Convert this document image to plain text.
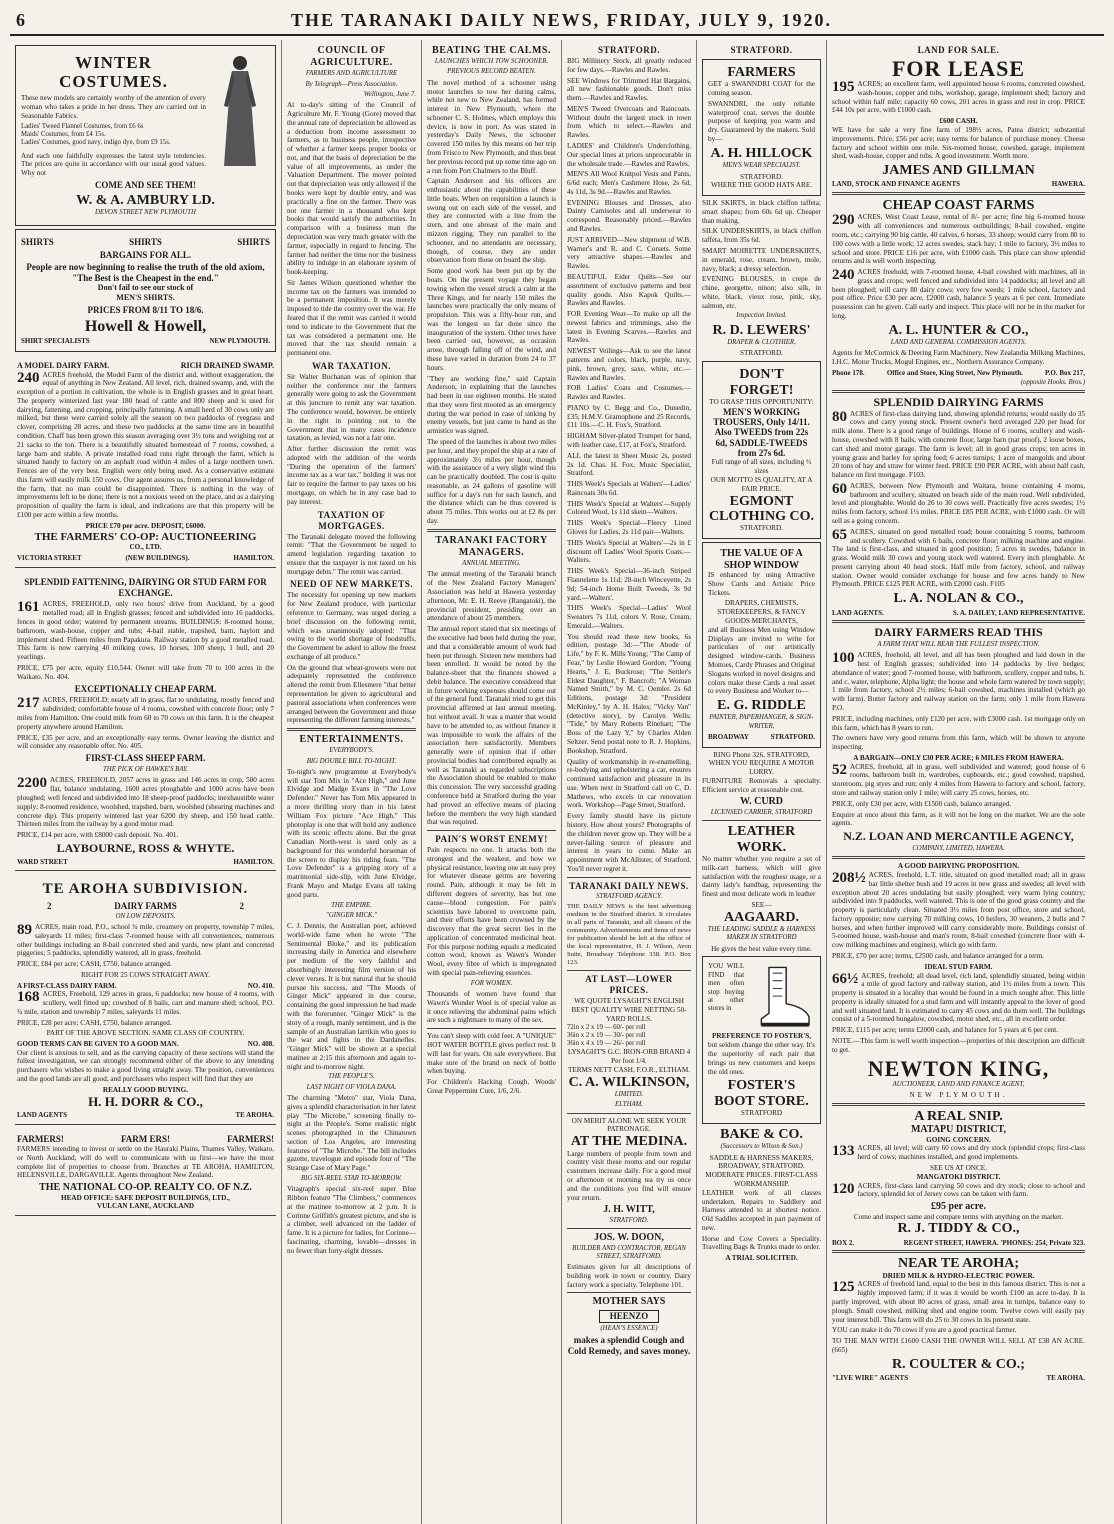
6	THE TARANAKI DAILY NEWS, FRIDAY, JULY 9, 1920.
WINTER COSTUMES.

These new models are certainly worthy of the attention of every woman who takes a pride in her dress. They are carried out in Seasonable Fabrics.

Ladies' Tweed Flannel Costumes, from £6 6s
Maids' Costumes, from £4 15s.
Ladies' Costumes, good navy, indigo dye, from £9 15s.

And each one faithfully expresses the latest style tendencies. The prices are quite in accordance with our usual good values. Why not

COME AND SEE THEM!
W. & A. AMBURY LD.
DEVON STREET NEW PLYMOUTH
SHIRTS	SHIRTS	SHIRTS
BARGAINS FOR ALL.
People are now beginning to realise the truth of the old axiom, "The Best is the Cheapest in the end."
Don't fail to see our stock of
MEN'S SHIRTS.
PRICES FROM 8/11 TO 18/6.
Howell & Howell,
SHIRT SPECIALISTS	NEW PLYMOUTH.
A MODEL DAIRY FARM.	RICH DRAINED SWAMP.

240 ACRES freehold, the Model Farm of the district and, without exaggeration, the equal of anything in New Zealand. All level, rich, drained swamp, and, with the exception of a portion in cultivation, the whole is in English grasses and in great heart. The property winterized last year 180 head of cattle and 800 sheep and is used for dairying, fattening, and cropping, principally fattening. A small herd of 30 cows only are milked, but these were carried solely all the season on two paddocks of ryegrass and clover, comprising 28 acres, and these two paddocks at the same time are in beautiful condition. Chaff has been grown this season averaging over 3½ tons and weighing out at 21 sacks to the ton. There is a beautifully situated homestead of 7 rooms, cowshed, a large barn and stable. A private installed road runs right through the farm, which is situated handy to factory on an asphalt road within 4 miles of a large northern town. Fences are of the very best. English were only being used. As a conservative estimate this farm will easily milk 150 cows. Our agent assures us, from a personal knowledge of the farm, that no man could be disappointed. There is nothing in the way of improvements left to be done; there is not a noxious weed on the place, and as a dairying proposition of quality the farm is ideal, and indications are that this property will be £100 per acre within a few months.

PRICE £70 per acre. DEPOSIT, £6000.
THE FARMERS' CO-OP: AUCTIONEERING
CO., LTD.
VICTORIA STREET	(NEW BUILDINGS).	HAMILTON.
SPLENDID FATTENING, DAIRYING OR STUD FARM FOR EXCHANGE.

161 ACRES, FREEHOLD, only two hours' drive from Auckland, by a good metalled road; all in English grasses; fenced and subdivided into 16 paddocks, fences in good order; watered by permanent streams. BUILDINGS: 8-roomed house, bathroom, wash-house, copper and tubs; 4-bail stable, trapshed, barn, haylott and implement shed. Fifteen miles from Papakura. Railway station by a good metalled road. This farm is now carrying 40 milking cows, 10 horses, 100 sheep, 1 bull, and 20 yearlings.

PRICE, £75 per acre, equity £10,544. Owner will take from 70 to 100 acres in the Waikato. No. 404.

EXCEPTIONALLY CHEAP FARM.

217 ACRES, FREEHOLD; nearly all in grass, flat to undulating, mostly fenced and subdivided; comfortable house of 4 rooms, cowshed with concrete floor; only 7 miles from Hamilton. One could milk from 60 to 70 cows on this farm. It is the cheapest property anywhere around Hamilton.

PRICE, £35 per acre, and an exceptionally easy terms. Owner leaving the district and will consider any reasonable offer. No. 405.

FIRST-CLASS SHEEP FARM.
THE PICK OF HAWKE'S BAY.

2200 ACRES, FREEHOLD, 2057 acres in grass and 146 acres in crop, 500 acres flat, balance undulating, 1600 acres ploughable and 1000 acres have been ploughed; well fenced and subdivided into 18 sheep-proof paddocks; inexhaustible water supply; 8-roomed residence, woolshed, trapshed, barn, woolshed (shearing machines and concrete dip). This property wintered last year 6200 dry sheep, and 150 head cattle. Thirteen miles from the railway by a good motor road.

PRICE, £14 per acre, with £8000 cash deposit. No. 401.

LAYBOURNE, ROSS & WHYTE.
WARD STREET	HAMILTON.
TE AROHA SUBDIVISION.
2	DAIRY FARMS	2
ON LOW DEPOSITS.

89 ACRES, main road, P.O., school ¾ mile, creamery on property, township 7 miles, saleyards 11 miles; first-class 7-roomed house with all conveniences, numerous other buildings including an 8-bail concreted shed and yards, new plant and concreted piggeries; 5 paddocks, splendidly watered, all in grass, freehold.

PRICE, £84 per acre; CASH, £750, balance arranged.

RIGHT FOR 25 COWS STRAIGHT AWAY.
A FIRST-CLASS DAIRY FARM.	NO. 410.

168 ACRES, Freehold, 129 acres in grass, 6 paddocks; new house of 4 rooms, with scullery, well fitted up; cowshed of 8 bails, cart and manure shed; school, P.O. ¾ mile, station and township 7 miles, saleyards 11 miles.

PRICE, £28 per acre; CASH, £750, balance arranged.

PART OF THE ABOVE SECTION. SAME CLASS OF COUNTRY.
GOOD TERMS CAN BE GIVEN TO A GOOD MAN.	NO. 408.

Our client is anxious to sell, and as the carrying capacity of these sections will stand the fullest investigation, we can strongly recommend either of the above to any intending purchasers who wishes to make a good living straight away. The position, conveniences and the good lands are all good, and purchasers who inspect will find that they are

REALLY GOOD BUYING.
H. H. DORR & CO.,
LAND AGENTS	TE AROHA.
FARMERS!	FARM ERS!	FARMERS!

FARMERS intending to invest or settle on the Hauraki Plains, Thames Valley, Waikato, or North Auckland, will do well to communicate with us first—we have the most complete list of properties to choose from. Branches at TE AROHA, HAMILTON, HELENSVILLE, DARGAVILLE. Agents throughout New Zealand.

THE NATIONAL CO-OP. REALTY CO. OF N.Z.
HEAD OFFICE: SAFE DEPOSIT BUILDINGS, LTD.,
VULCAN LANE, AUCKLAND
COUNCIL OF AGRICULTURE.
FARMERS AND AGRICULTURE
By Telegraph—Press Association.
Wellington, June 7.

At to-day's sitting of the Council of Agriculture Mr. F. Young (Gore) moved that the annual rate of depreciation be allowed as a deduction from income assessment to farmers, as to business people, irrespective of whether a farmer keeps proper books or not, and that the basis of depreciation be the value of all improvements, as under the Valuation Department. The mover pointed out that depreciation was only allowed if the books were kept by double entry, and was practically a fine on the farmer. There was not one farmer in a thousand who kept books that would satisfy the authorities. In comparison with a business man the depreciation was very much greater with the farmer, especially in regard to fencing. The farmer had neither the time nor the business ability to indulge in an elaborate system of book-keeping.

Sir James Wilson questioned whether the income tax on the farmers was intended to be a permanent imposition. It was merely imposed to tide the country over the war. He feared that if the remit was carried it would tend to indicate to the Government that the tax was considered a permanent one. He moved that the tax should remain a permanent one.

WAR TAXATION.

Sir Walter Buchanan was of opinion that neither the conference nor the farmers generally were going to ask the Government at this juncture to remit any war taxation. The conference would, however, be entirely in the right in pointing out to the Government that in many cases incidence taxation, as levied, was not a fair one.

After further discussion the remit was adopted with the addition of the words "During the operation of the farmers' income tax as a war tax," holding it was not fair to require the farmer to pay taxes on his mortgage, on which he in any case had to pay interest.

TAXATION OF MORTGAGES.

The Taranaki delegate moved the following remit: "That the Government be urged to amend legislation regarding taxation to ensure that the taxpayer is not taxed on his mortgage debts." The remit was carried.

NEED OF NEW MARKETS.

The necessity for opening up new markets for New Zealand produce, with particular reference to Germany, was urged during a brief discussion on the following remit, which was unanimously adopted: "That owing to the world shortage of foodstuffs, the Government be asked to allow the freest exchange of all produce."

On the ground that wheat-growers were not adequately represented the conference altered the remit from Ellesmere "that better representation be given to agricultural and pastoral associations when conferences were arranged between the Government and those representing the different farming interests."

ENTERTAINMENTS.
EVERYBODY'S.
BIG DOUBLE BILL TO-NIGHT.

To-night's new programme at Everybody's will star Tom Mix in "Ace High," and June Elvidge and Madge Evans in "The Love Defender." Never has Tom Mix appeared in a more thrilling story than in his latest William Fox picture "Ace High." This photoplay is one that will hold any audience with its scenic effects alone. But the great Canadian North-west is used only as a background for this wonderful horseman of the screen to display his riding feats. "The Love Defender" is a gripping story of a matrimonial side-slip, with June Elvidge, Frank Mayo and Madge Evans all taking good parts.

THE EMPIRE.
"GINGER MICK."

C. J. Dennis, the Australian poet, achieved world-wide fame when he wrote "The Sentimental Bloke," and its publication increasing daily in America and elsewhere per medium of the very faithful and absorbingly interesting film version of his clever verses. It is but natural that he should pursue his success, and "The Moods of Ginger Mick" appeared in due course, containing the good impression he had made with the forerunner. "Ginger Mick" is the story of a rough, manly sentiment, and is the sample of an Australian larrikin who goes to the war and fights in the Dardanelles. "Ginger Mick" will be shown at a special matinee at 2:15 this afternoon and again to-night and to-morrow night.

THE PEOPLE'S.
LAST NIGHT OF VIOLA DANA.

The charming "Metro" star, Viola Dana, gives a splendid characterisation in her latest play "The Microbe," screening finally to-night at the People's. Some realistic night scenes photographed in the Chinatown section of Los Angeles, are interesting features of "The Microbe." The bill includes gazette, travelogue and episode four of "The Strange Case of Mary Page."

BIG SIX-REEL STAR TO-MORROW.

Vitagraph's special six-reel super Blue Ribbon feature "The Climbers," commences at the matinee to-morrow at 2 p.m. It is Corinne Griffith's greatest picture, and she is a climber, well advanced on the ladder of fame. It is a picture for ladies, for Corinne—fascinating, charming, lovable—dresses in no fewer than forty-eight dresses.

BEATING THE CALMS.
LAUNCHES WHICH TOW SCHOONER.
PREVIOUS RECORD BEATEN.

The novel method of a schooner using motor launches to tow her during calms, while not new to New Zealand, has formed interest in New Plymouth, where the schooner C. S. Holmes, which employs this device, is now in port. As was stated in yesterday's Daily News, the schooner covered 150 miles by this means on her trip from Frisco to New Plymouth, and thus beat her previous record put up some time ago on a run from Port Chalmers to the Bluff.

Captain Anderson and his officers are enthusiastic about the capabilities of these little boats. When on requisition a launch is swung out on each side of the vessel, and they are connected with a line from the stern, and one abreast of the main and mizzen rigging. They run parallel to the schooner, and no attendants are necessary, though, of course, they are under observation from those on board the ship.

Some good work has been put up by the boats. On the present voyage they began towing when the vessel struck a calm at the Three Kings, and for nearly 150 miles the launches were practically the only means of propulsion. This was a fifty-hour run, and was the longest so far done since the inauguration of the system. Other tows have been carried out, however, as occasion arose, through falling off of the wind, and these have varied in duration from 24 to 37 hours.

"They are working fine," said Captain Anderson, in explaining that the launches had been in use eighteen months. He stated that they were first mooted as an emergency during the war period in case of sinking by enemy vessels, but just came to hand as the armistice was signed.

The speed of the launches is about two miles per hour, and they propel the ship at a rate of approximately 3½ miles per hour, though with the assistance of a very slight wind this can be practically doubled. The cost is quite reasonable, as 24 gallons of gasoline will suffice for a day's run for each launch, and the distance which can be thus covered is about 75 miles. This works out at £2 8s per day.

TARANAKI FACTORY MANAGERS.
ANNUAL MEETING.

The annual meeting of the Taranaki branch of the New Zealand Factory Managers' Association was held at Hawera yesterday afternoon, Mr. E. H. Reeve (Rangatoki), the provincial president, presiding over an attendance of about 25 members.

The annual report stated that six meetings of the executive had been held during the year, and that a considerable amount of work had been put through. Sixteen new members had been enrolled. It would be noted by the balance-sheet that the finances showed a debit balance. The executive considered that in future working expenses should come out of the general fund. Taranaki tried to get this provincial affirmed at last annual meeting, but without avail. It was a matter that would have to be attended to, as without finance it was impossible to work the affairs of the association here satisfactorily. Members generally were of opinion that if other provincial bodies had contributed equally as well as Taranaki as regarded subscriptions the Association should be enabled to make this concession. The very successful grading conference held at Stratford during the year had proved an effective means of placing before the members the very high standard that was required.

PAIN'S WORST ENEMY!

Pain respects no one. It attacks both the strongest and the weakest, and how we physical resistance, leaving one an easy prey for whatever disease germs are hovering round. Pain, although it may be felt in different degrees of severity, has but one cause—blood congestion. For pain's scientists have labored to overcome pain, and their efforts have been crowned by the discovery that the great secret lies in the application of concentrated medicinal heat. For this purpose nothing equals a medicated cotton wool, known as Wawn's Wonder Wool, every fibre of which is impregnated with special pain-relieving essences.

FOR WOMEN.

Thousands of women have found that Wawn's Wonder Wool is of special value as it once relieving the abdominal pains which are such a nightmare to many of the sex.

You can't sleep with cold feet. A "UNIQUE" HOT WATER BOTTLE gives perfect rest. It will last for years. On sale everywhere. But make sure of the brand on neck of bottle when buying.

For Children's Hacking Cough, Woods' Great Peppermint Cure, 1/6, 2/6.

STRATFORD.

BIG Millinery Stock, all greatly reduced for few days.—Rawles and Rawles.

SEE Windows for Trimmed Hat Bargains, all new fashionable goods. Don't miss them.—Rawles and Rawles.

MEN'S Tweed Overcoats and Raincoats. Without doubt the largest stock in town from which to select.—Rawles and Rawles.

LADIES' and Children's Underclothing. Our special lines at prices unprocurable in the wholesale trade.—Rawles and Rawles.

MEN'S All Wool Knitpol Vests and Pants, 6/6d each; Men's Cashmere Hose, 2s 6d, 4s 11d, 3s 9d.—Rawles and Rawles.

EVENING Blouses and Dresses, also Dainty Camisoles and all underwear to correspond. Reasonably priced.—Rawles and Rawles.

JUST ARRIVED—New shipment of W.B. Warner's and R. and C. Corsets. Some very attractive shapes.—Rawles and Rawles.

BEAUTIFUL Eider Quilts—See our assortment of exclusive patterns and best quality goods. Also Kapok Quilts.—Rawles and Rawles.

FOR Evening Wear—To make up all the newest fabrics and trimmings, also the latest in Evening Scarves.—Rawles and Rawles.

NEWEST Veilings—Ask to see the latest patterns and colors, black, purple, navy, pink, brown, grey, saxe, white, etc.—Rawles and Rawles.

FOR Ladies' Coats and Costumes.—Rawles and Rawles.

PIANO by C. Begg and Co., Dunedin, £35; H.M.V. Gramophone and 25 Records, £11 10s.—C. H. Fox's, Stratford.

HIGHAM Silver-plated Trumpet for band, with leather case, £17, at Fox's, Stratford.

ALL the latest in Sheet Music 2s, posted 2s 1d. Chas. H. Fox, Music Specialist, Stratford.

THIS Week's Specials at Walters'—Ladies' Raincoats 30s 6d.

THIS Week's Special at Walters'—Supply Colored Wool, 1s 11d skein—Walters.

THIS Week's Special—Fleecy Lined Gloves for Ladies, 2s 11d pair—Walters.

THIS Week's Special at Walters'—2s in £ discount off Ladies' Wool Sports Coats.—Walters.

THIS Week's Special—36-inch Striped Flannelette 1s 11d; 28-inch Winceyette, 2s 9d; 54-inch Home Built Tweeds, 3s 9d yard.—Walters'.

THIS Week's Special—Ladies' Wool Sweaters 7s 11d, colors V. Rose, Cream, Emerald.—Walters.

You should read these new books, 6s edition, postage 3d:—"The Abode of Life," by F. K. Mills Young; "The Camp of Fear," by Leslie Howard Gordon; "Young Hearts," J. E. Buckrose; "The Settler's Eldest Daughter," F. Bancroft; "A Woman Named Smith," by M. C. Oemler. 2s 6d Editions, postage 3d: "President McKinley," by A. H. Hales; "Vicky Van" (detective story), by Carolyn Wells; "Tide," by Mary Roberts Rinehart; "The Boss of the Lazy Y," by Charles Alden Seltzer. Send postal note to R. J. Hopkins, Bookshop, Stratford.

Quality of workmanship in re-enamelling, re-bodying and upholstering a car, ensures continued satisfaction and pleasure in its use. When next in Stratford call on C. D. Mathews, who excels in car renovation work. Workshop—Page Street, Stratford.

Every family should have its picture history. How about yours? Photographs of the children never grow up. They will be a never-failing source of pleasure and interest in years to come. Make an appointment with McAllister, of Stratford. You'll never regret it.

TARANAKI DAILY NEWS.
STRATFORD AGENCY.

THE DAILY NEWS is the best advertising medium in the Stratford district. It circulates in all parts of Taranaki, and all classes of the community. Advertisements and items of news for publication should be left at the office of the local representative, H. J. Wilson, Avon Suite, Broadway Telephone 338. P.O. Box 123.

AT LAST—LOWER PRICES.
WE QUOTE LYSAGHT'S ENGLISH BEST QUALITY WIRE NETTING 50-YARD ROLLS.
72in x 2 x 19 — 60/- per roll
36in x 2 x 19 — 30/- per roll
36in x 4 x 19 — 26/- per roll
LYSAGHT'S G.C. IRON-ORB BRAND 4 Per foot 1/4.
TERMS NETT CASH, F.O.R., ELTHAM.
C. A. WILKINSON,
LIMITED.
ELTHAM.
ON MERIT ALONE WE SEEK YOUR PATRONAGE.
AT THE MEDINA.

Large numbers of people from town and country visit these rooms and our regular customers increase daily. For a good meal or afternoon or morning tea try us once and the conditions you find will ensure your return.

J. H. WITT,
STRATFORD.
JOS. W. DOON,
BUILDER AND CONTRACTOR, REGAN STREET, STRATFORD.

Estimates given for all descriptions of building work in town or country. Dairy factory work a specialty. Telephone 101.

MOTHER SAYS
HEENZO
(HEAN'S ESSENCE)
makes a splendid Cough and Cold Remedy, and saves money.
STRATFORD.
FARMERS

GET a SWANNDRI COAT for the coming season.

SWANNDRI, the only reliable waterproof coat, serves the double purpose of keeping you warm and dry. Guaranteed by the makers. Sold by—

A. H. HILLOCK
MEN'S WEAR SPECIALIST.
STRATFORD.
WHERE THE GOOD HATS ARE.

SILK SKIRTS, in black chiffon taffeta; smart shapes; from 60s 6d up. Cheaper than making.

SILK UNDERSKIRTS, in black chiffon taffeta, from 35s 6d.

SMART MOIRETTE UNDERSKIRTS, in emerald, rose, cream, brown, mole, navy, black; a dressy selection.

EVENING BLOUSES, in crepe de chine, georgette, ninon; also silk, in white, black, vieux rose, pink, sky, salmon, etc.

Inspection Invited.
R. D. LEWERS'
DRAPER & CLOTHIER,
STRATFORD.
DON'T FORGET!
TO GRASP THIS OPPORTUNITY:
MEN'S WORKING TROUSERS, Only 14/11.
Also TWEEDS from 22s 6d, SADDLE-TWEEDS from 27s 6d.
Full range of all sizes, including ½ sizes
OUR MOTTO IS QUALITY, AT A FAIR PRICE.
EGMONT CLOTHING CO.
STRATFORD.
THE VALUE OF A SHOP WINDOW

IS enhanced by using Attractive Show Cards and Artistic Price Tickets.

DRAPERS, CHEMISTS, STOREKEEPERS, & FANCY GOODS MERCHANTS,

and all Business Men using Window Displays are invited to write for particulars of our artistically designed window-cards. Business Mottoes, Cardy Phrases and Original Slogans worked in novel designs and colors make these Cards a real asset to every Business and Worker to—

E. G. RIDDLE
PAINTER, PAPERHANGER, & SIGN-WRITER,
BROADWAY	STRATFORD.
RING Phone 326, STRATFORD, WHEN YOU REQUIRE A MOTOR LORRY.

FURNITURE Removals a specialty. Efficient service at reasonable cost.

W. CURD
LICENSED CARRIER, STRATFORD
LEATHER WORK.

No matter whether you require a set of milk-cart harness, which will give satisfaction with the roughest usage, or a dainty lady's handbag, representing the finest and most delicate work in leather

SEE—
AAGAARD.
THE LEADING SADDLE & HARNESS MAKER IN STRATFORD
He gives the best value every time.
YOU WILL FIND that men often stop buying at other stores in
PREFERENCE TO FOSTER'S,

but seldom change the other way. It's the superiority of each pair that brings us new customers and keeps the old ones.

FOSTER'S BOOT STORE.
STRATFORD
BAKE & CO.
(Successors to Wilson & Son.)
SADDLE & HARNESS MAKERS, BROADWAY, STRATFORD.
MODERATE PRICES. FIRST-CLASS WORKMANSHIP.

LEATHER work of all classes undertaken. Repairs to Saddlery and Harness attended to at shortest notice. Old Saddles accepted in part payment of new.

Horse and Cow Covers a Speciality. Travelling Bags & Trunks made to order.

A TRIAL SOLICITED.
LAND FOR SALE.
FOR LEASE

195 ACRES; an excellent farm, well appointed house 6 rooms, concreted cowshed, wash-house, copper and tubs, workshop, garage, implement shed; factory and school within half mile; capacity 60 cows, 201 acres in grass and rest in crop. PRICE £44 10s per acre, with £1000 cash.

£600 CASH.

WE have for sale a very fine farm of 198½ acres, Patea district; substantial improvements. Price, £56 per acre; easy terms for balance of purchase money. Cheese factory and school within one mile. Six-roomed house, cowshed, garage, implement shed, wash-house, copper and tubs. A good investment. Worth more.

JAMES AND GILLMAN
LAND, STOCK AND FINANCE AGENTS	HAWERA.
CHEAP COAST FARMS

290 ACRES, West Coast Lease, rental of 8/- per acre; fine big 6-roomed house with all conveniences and numerous outbuildings; 8-bail cowshed, engine room, etc.; carrying 90 big cattle, 40 calves, 6 horses, 33 sheep; would carry from 80 to 100 cows with a little work; 12 acres swedes, stack hay; 1 mile to factory, 3½ miles to school and store. PRICE £16 per acre, with £1000 cash. This place can show splendid returns and is well worth inspecting.

240 ACRES freehold, with 7-roomed house, 4-bail cowshed with machines, all in grass and crops; well fenced and subdivided into 14 paddocks; all level and all been ploughed; will carry 80 dairy cows; very few weeds; 1 mile school, factory and post office. Price £30 per acre, £2000 cash, balance 5 years at 6 per cent. Immediate possession can be given. Call early and inspect. This place will not be in the market for long.

A. L. HUNTER & CO.,
LAND AND GENERAL COMMISSION AGENTS.

Agents for McCormick & Deering Farm Machinery, New Zealandia Milking Machines, I.H.C. Motor Trucks, Mogul Engines, etc., Northern Assurance Company.

Phone 178.	Office and Store, King Street, New Plymouth.	P.O. Box 217,
(opposite Hooks. Bros.)
SPLENDID DAIRYING FARMS

80 ACRES of first-class dairying land, showing splendid returns; would easily do 35 cows and carry young stock. Present owner's herd averaged 220 per head for milk alone. There is a good range of buildings. House of 6 rooms, scullery and wash-house, cowshed with 8 bails, with concrete floor, large barn (nat proof), 2 loose boxes, cart shed and motor garage. The farm is level; all in good grass crops; ten acres in young grass and barley for spring feed; 6 acres turnips; 1 acre of mangolds and about 20 tons of hay and straw for winter feed. PRICE £90 PER ACRE, with about half cash, balance on first mortgage. F103.

60 ACRES, between New Plymouth and Waitara, house containing 4 rooms, bathroom and scullery, situated on beach side of the main road. Well subdivided, level and ploughable. Would do 26 to 30 cows well. Practically five acres swedes; 1½ miles from factory, school 1½ miles. PRICE £85 PER ACRE, with £1000 cash. Or will sell as a going concern.

65 ACRES, situated on good metalled road; house containing 5 rooms, bathroom and scullery. Cowshed with 6 bails, concrete floor; milking machine and engine. The land is first-class, and situated in good position; 5 acres in swedes, balance in grass. Would milk 30 cows and young stock well watered. Every inch ploughable. At present carrying about 40 head stock. Half mile from factory, school, and railway station. Owner would consider exchange for house and few acres handy to New Plymouth. PRICE £125 PER ACRE, with £2000 cash. F105

L. A. NOLAN & CO.,
LAND AGENTS.	S. A. DAILEY, LAND REPRESENTATIVE.
DAIRY FARMERS READ THIS
A FARM THAT WILL BEAR THE FULLEST INSPECTION.

100 ACRES, freehold, all level, and all has been ploughed and laid down in the best of English grasses; subdivided into 14 paddocks by live hedges; abundance of water; good 7-roomed house, with bathroom, scullery, copper and tubs, h. and c. water, telephone, Alpha light; the house and whole farm watered by town supply; 1 mile from factory, school 2½ miles; 6-bail cowshed, machines installed (which go with farm). Butter factory and railway station on the farm; only 1 mile from Hawera P.O.

PRICE, including machines, only £120 per acre, with £3000 cash. 1st mortgage only on this farm, which has 8 years to run.

The owners have very good returns from this farm, which will be shown to anyone inspecting.

A BARGAIN—ONLY £30 PER ACRE; 6 MILES FROM HAWERA.

52 ACRES, freehold, all in grass, well subdivided and watered; good house of 6 rooms, bathroom built in, wardrobes, cupboards, etc.; good cowshed, trapshed, storeroom, pig styes and run; only 4 miles from Hawera to factory and school, factory, store and railway station only 1 mile; will carry 25 cows, horses, etc.

PRICE, only £30 per acre, with £1500 cash, balance arranged.

Enquire at once about this farm, as it will not be long on the market. We are the sole agents.

N.Z. LOAN AND MERCANTILE AGENCY,
COMPANY, LIMITED, HAWERA.
A GOOD DAIRYING PROPOSITION.

208½ ACRES, freehold, L.T. title, situated on good metalled road; all in grass bar little shelter bush and 19 acres in new grass and swedes; all level with exception about 20 acres undulating but easily ploughed; very warm lying country; subdivided into 9 paddocks, well watered. This is one of the good grass country and the property is particularly clean. Situated 3½ miles from post office, store and school, factory opposite; now carrying 70 milking cows, 10 heifers, 30 weaners, 2 bulls and 7 horses, and when further improved will carry considerably more. Buildings consist of 5-roomed house, wash-house and man's room, 8-bail cowshed (concrete floor with 4-cow milking machines and engines), which go with farm.

PRICE, £70 per acre; terms, £2500 cash, and balance arranged for a term.

IDEAL STUD FARM.

66½ ACRES, freehold; all dead level, rich land, splendidly situated, being within a mile of good factory and railway station, and 1½ miles from a town. This property is situated in a locality that would be found in a much sought after. This little property is ideally situated for a stud farm and will instantly appeal to the lover of good and well situated land. It is estimated to carry 45 cows and do them well. The buildings consist of a 5-roomed bungalow, cowshed, motor shed, etc., all in excellent order.

PRICE, £115 per acre; terms £2000 cash, and balance for 5 years at 6 per cent.

NOTE.—This farm is well worth inspection—properties of this description are difficult to get.

NEWTON KING,
AUCTIONEER, LAND AND FINANCE AGENT,
NEW PLYMOUTH.
A REAL SNIP.
MATAPU DISTRICT,
GOING CONCERN.

133 ACRES, all level; will carry 60 cows and dry stock (splendid crops; first-class herd of cows; machines installed, and good implements.

SEE US AT ONCE.
MANGATOKI DISTRICT.

120 ACRES, first-class land carrying 50 cows and dry stock; close to school and factory, splendid lot of Jersey cows can be taken with farm.

£95 per acre.
Come and inspect same and compare terms with anything on the market.
R. J. TIDDY & CO.,
BOX 2.	REGENT STREET, HAWERA. 'PHONES: 254, Private 323.
NEAR TE AROHA;
DRIED MILK & HYDRO-ELECTRIC POWER.

125 ACRES of freehold land, equal to the best in this famous district. This is not a highly improved farm; if it was it would be worth £100 an acre to-day. It is partly improved, with about 80 acres of grass, small area in turnips, balance easy to plough. Small cowshed, milking shed and engine room. Twelve cows will easily pay your interest bill. This farm will do 25 to 30 cows in its present state.

YOU can make it do 70 cows if you are a good practical farmer.

TO THE MAN WITH £1600 CASH THE OWNER WILL SELL AT £38 AN ACRE. (665)

R. COULTER & CO.;
"LIVE WIRE" AGENTS	TE AROHA.
